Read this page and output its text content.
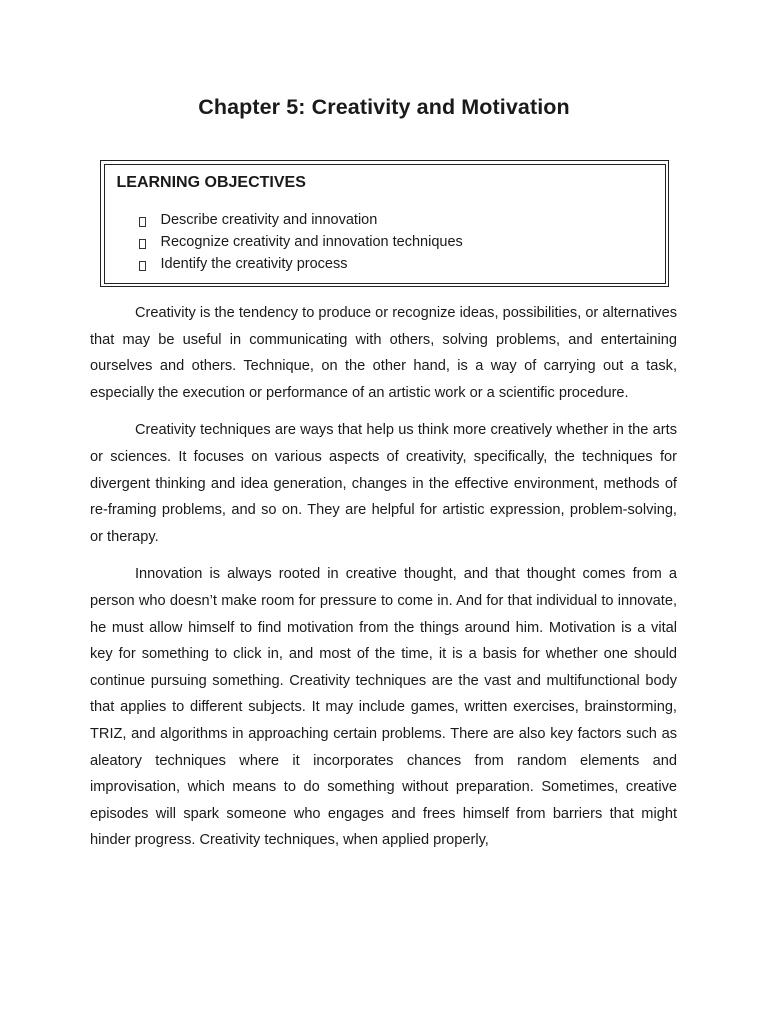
Chapter 5: Creativity and Motivation
LEARNING OBJECTIVES
Describe creativity and innovation
Recognize creativity and innovation techniques
Identify the creativity process

Creativity is the tendency to produce or recognize ideas, possibilities, or alternatives that may be useful in communicating with others, solving problems, and entertaining ourselves and others. Technique, on the other hand, is a way of carrying out a task, especially the execution or performance of an artistic work or a scientific procedure.

Creativity techniques are ways that help us think more creatively whether in the arts or sciences. It focuses on various aspects of creativity, specifically, the techniques for divergent thinking and idea generation, changes in the effective environment, methods of re-framing problems, and so on. They are helpful for artistic expression, problem-solving, or therapy.

Innovation is always rooted in creative thought, and that thought comes from a person who doesn’t make room for pressure to come in. And for that individual to innovate, he must allow himself to find motivation from the things around him. Motivation is a vital key for something to click in, and most of the time, it is a basis for whether one should continue pursuing something. Creativity techniques are the vast and multifunctional body that applies to different subjects. It may include games, written exercises, brainstorming, TRIZ, and algorithms in approaching certain problems. There are also key factors such as aleatory techniques where it incorporates chances from random elements and improvisation, which means to do something without preparation. Sometimes, creative episodes will spark someone who engages and frees himself from barriers that might hinder progress. Creativity techniques, when applied properly,
